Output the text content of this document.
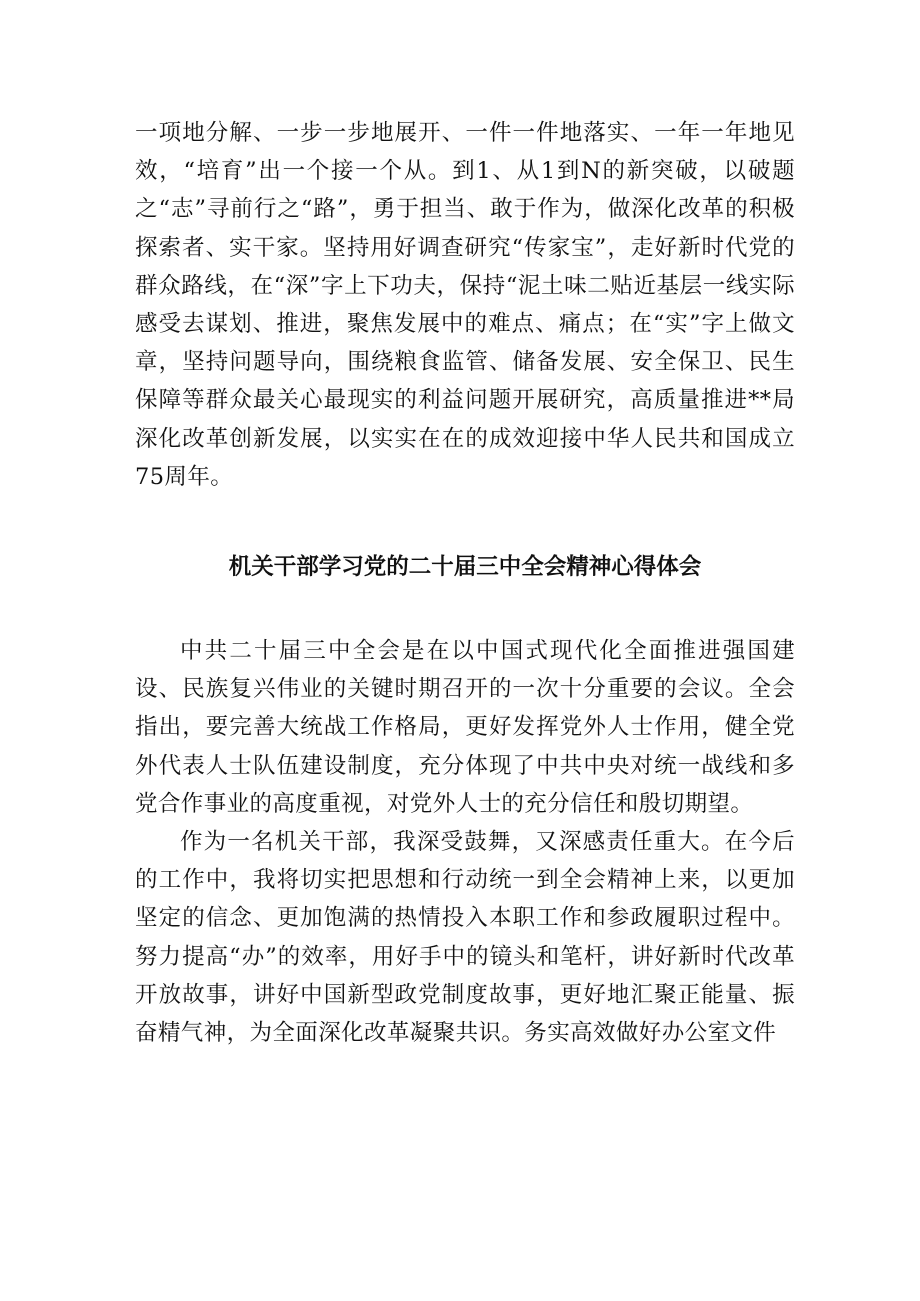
一项地分解、一步一步地展开、一件一件地落实、一年一年地见效，“培育”出一个接一个从。到1、从1到N的新突破，以破题之“志”寻前行之“路”，勇于担当、敢于作为，做深化改革的积极探索者、实干家。坚持用好调查研究“传家宝”，走好新时代党的群众路线，在“深”字上下功夫，保持“泥土味二贴近基层一线实际感受去谋划、推进，聚焦发展中的难点、痛点；在“实”字上做文章，坚持问题导向，围绕粮食监管、储备发展、安全保卫、民生保障等群众最关心最现实的利益问题开展研究，高质量推进**局深化改革创新发展，以实实在在的成效迎接中华人民共和国成立75周年。

机关干部学习党的二十届三中全会精神心得体会

中共二十届三中全会是在以中国式现代化全面推进强国建设、民族复兴伟业的关键时期召开的一次十分重要的会议。全会指出，要完善大统战工作格局，更好发挥党外人士作用，健全党外代表人士队伍建设制度，充分体现了中共中央对统一战线和多党合作事业的高度重视，对党外人士的充分信任和殷切期望。

作为一名机关干部，我深受鼓舞，又深感责任重大。在今后的工作中，我将切实把思想和行动统一到全会精神上来，以更加坚定的信念、更加饱满的热情投入本职工作和参政履职过程中。努力提高“办”的效率，用好手中的镜头和笔杆，讲好新时代改革开放故事，讲好中国新型政党制度故事，更好地汇聚正能量、振奋精气神，为全面深化改革凝聚共识。务实高效做好办公室文件
